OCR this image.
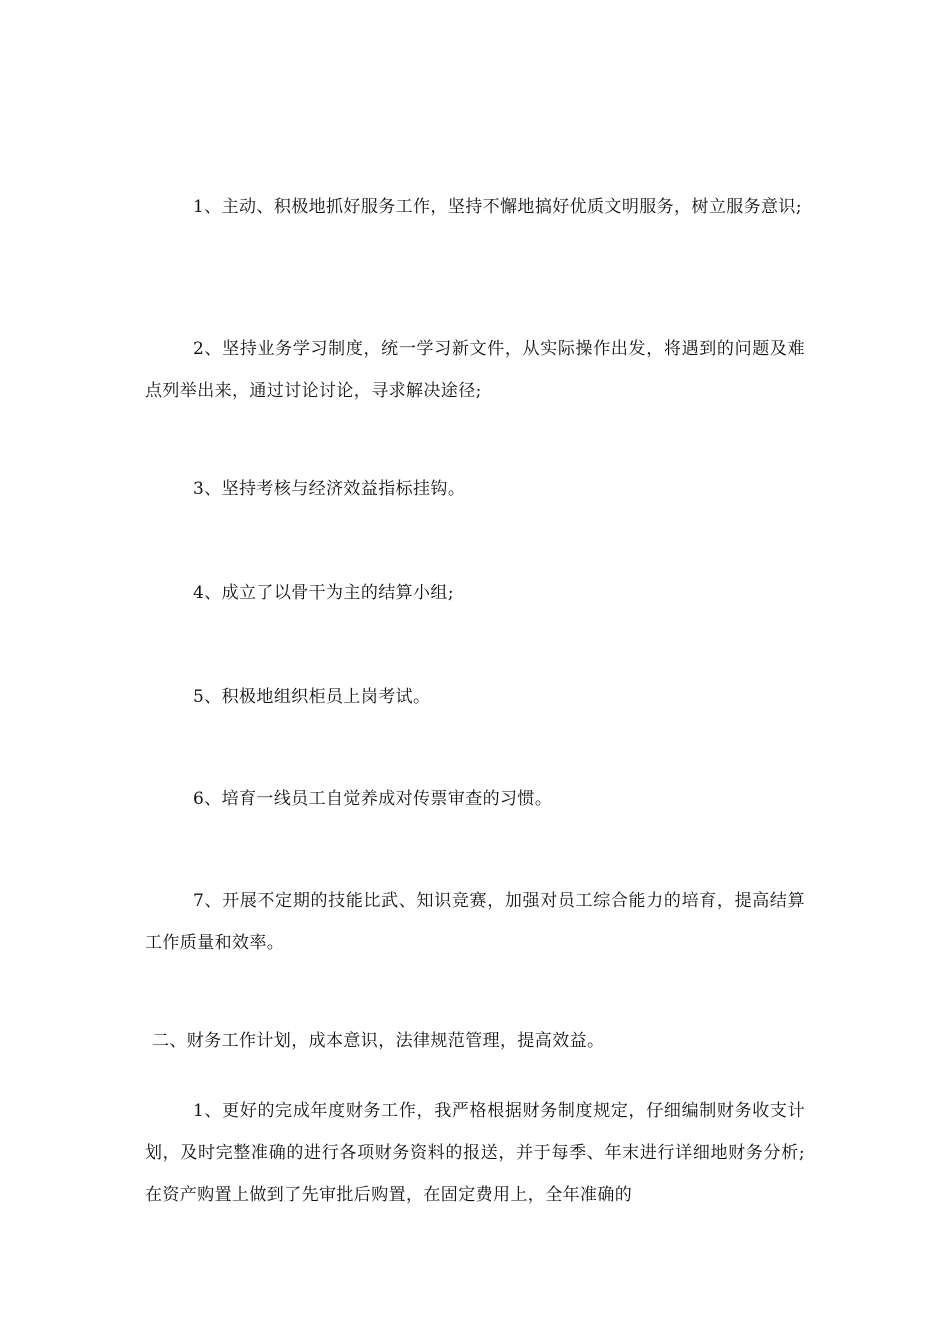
1、主动、积极地抓好服务工作，坚持不懈地搞好优质文明服务，树立服务意识;

2、坚持业务学习制度，统一学习新文件，从实际操作出发，将遇到的问题及难点列举出来，通过讨论讨论，寻求解决途径;

3、坚持考核与经济效益指标挂钩。

4、成立了以骨干为主的结算小组;

5、积极地组织柜员上岗考试。

6、培育一线员工自觉养成对传票审查的习惯。

7、开展不定期的技能比武、知识竞赛，加强对员工综合能力的培育，提高结算工作质量和效率。

二、财务工作计划，成本意识，法律规范管理，提高效益。

1、更好的完成年度财务工作，我严格根据财务制度规定，仔细编制财务收支计划，及时完整准确的进行各项财务资料的报送，并于每季、年末进行详细地财务分析;在资产购置上做到了先审批后购置，在固定费用上，全年准确的
